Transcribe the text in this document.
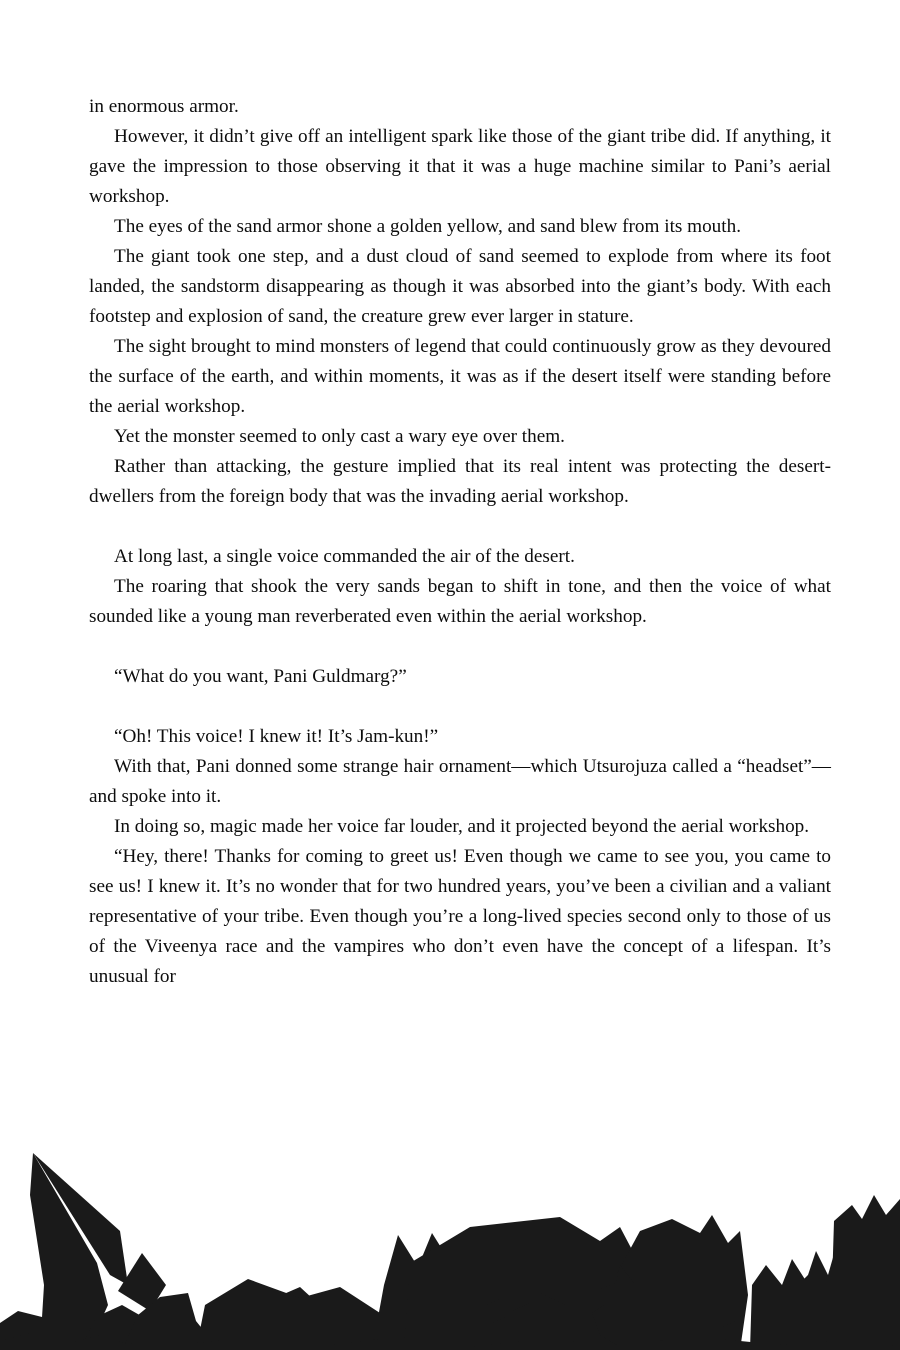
in enormous armor.

However, it didn’t give off an intelligent spark like those of the giant tribe did. If anything, it gave the impression to those observing it that it was a huge machine similar to Pani’s aerial workshop.

The eyes of the sand armor shone a golden yellow, and sand blew from its mouth.

The giant took one step, and a dust cloud of sand seemed to explode from where its foot landed, the sandstorm disappearing as though it was absorbed into the giant’s body. With each footstep and explosion of sand, the creature grew ever larger in stature.

The sight brought to mind monsters of legend that could continuously grow as they devoured the surface of the earth, and within moments, it was as if the desert itself were standing before the aerial workshop.

Yet the monster seemed to only cast a wary eye over them.

Rather than attacking, the gesture implied that its real intent was protecting the desert-dwellers from the foreign body that was the invading aerial workshop.

At long last, a single voice commanded the air of the desert.

The roaring that shook the very sands began to shift in tone, and then the voice of what sounded like a young man reverberated even within the aerial workshop.

“What do you want, Pani Guldmarg?”

“Oh! This voice! I knew it! It’s Jam-kun!”

With that, Pani donned some strange hair ornament—which Utsurojuza called a “headset”—and spoke into it.

In doing so, magic made her voice far louder, and it projected beyond the aerial workshop.

“Hey, there! Thanks for coming to greet us! Even though we came to see you, you came to see us! I knew it. It’s no wonder that for two hundred years, you’ve been a civilian and a valiant representative of your tribe. Even though you’re a long-lived species second only to those of us of the Viveenya race and the vampires who don’t even have the concept of a lifespan. It’s unusual for
